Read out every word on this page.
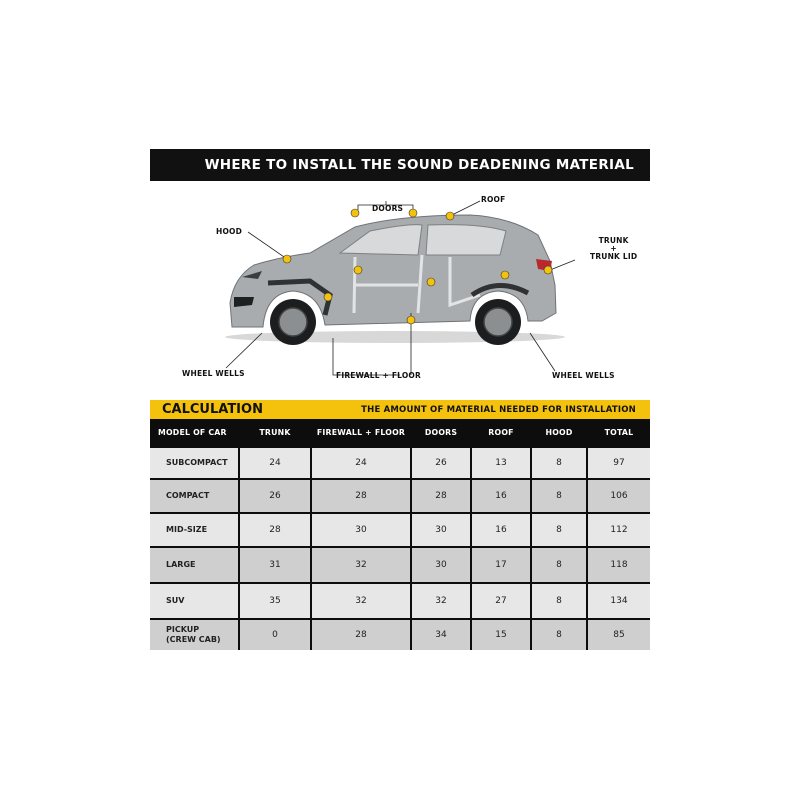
WHERE TO INSTALL THE SOUND DEADENING MATERIAL
HOOD
ROOF
DOORS
TRUNK
+
TRUNK LID
WHEEL WELLS	FIREWALL + FLOOR	WHEEL WELLS
CALCULATION	THE AMOUNT OF MATERIAL NEEDED FOR INSTALLATION
MODEL OF CAR	TRUNK	FIREWALL + FLOOR	DOORS	ROOF	HOOD	TOTAL
SUBCOMPACT	24	24	26	13	8	97
COMPACT	26	28	28	16	8	106
MID-SIZE	28	30	30	16	8	112
LARGE	31	32	30	17	8	118
SUV	35	32	32	27	8	134
PICKUP
(CREW CAB)	0	28	34	15	8	85
